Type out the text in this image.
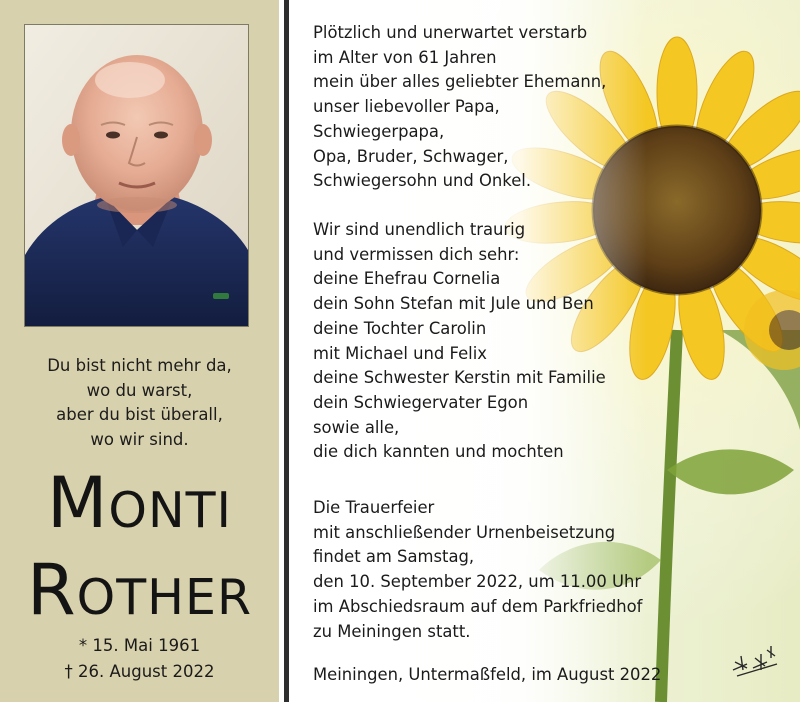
Du bist nicht mehr da,
wo du warst,
aber du bist überall,
wo wir sind.
Monti
Rother
* 15. Mai 1961
† 26. August 2022
Plötzlich und unerwartet verstarb
im Alter von 61 Jahren
mein über alles geliebter Ehemann,
unser liebevoller Papa,
Schwiegerpapa,
Opa, Bruder, Schwager,
Schwiegersohn und Onkel.
Wir sind unendlich traurig
und vermissen dich sehr:
deine Ehefrau Cornelia
dein Sohn Stefan mit Jule und Ben
deine Tochter Carolin
mit Michael und Felix
deine Schwester Kerstin mit Familie
dein Schwiegervater Egon
sowie alle,
die dich kannten und mochten
Die Trauerfeier
mit anschließender Urnenbeisetzung
findet am Samstag,
den 10. September 2022, um 11.00 Uhr
im Abschiedsraum auf dem Parkfriedhof
zu Meiningen statt.
Meiningen, Untermaßfeld, im August 2022
